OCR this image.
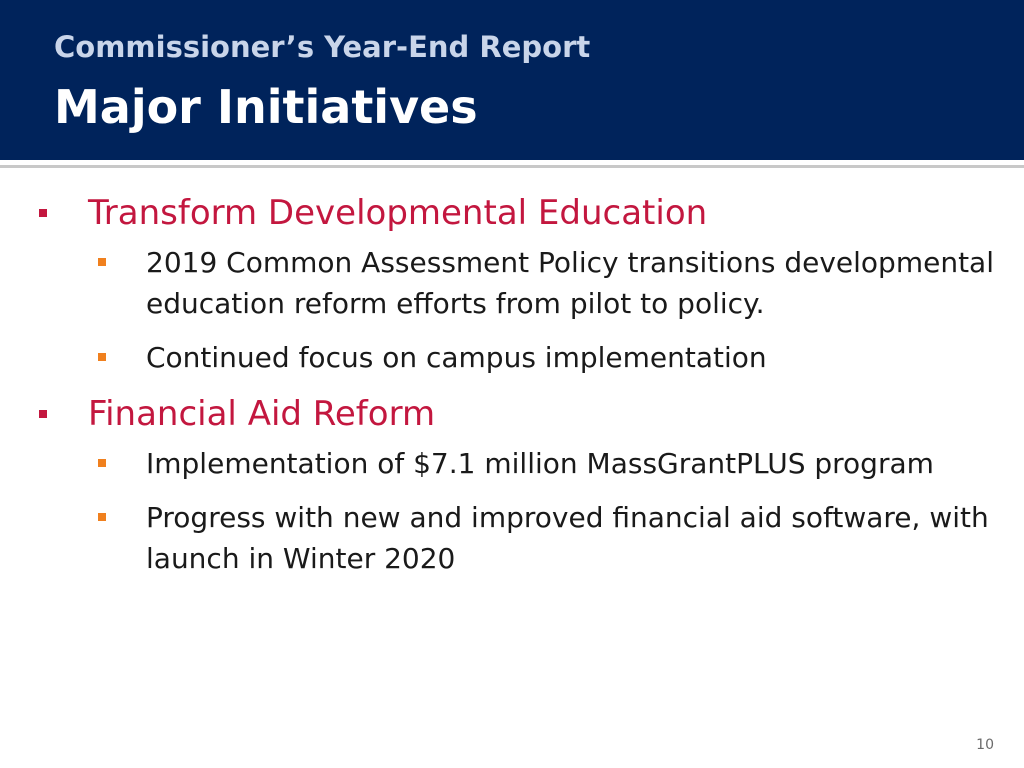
Commissioner’s Year-End Report
Major Initiatives
Transform Developmental Education
2019 Common Assessment Policy transitions developmental education reform efforts from pilot to policy.
Continued focus on campus implementation
Financial Aid Reform
Implementation of $7.1 million MassGrantPLUS program
Progress with new and improved financial aid software, with launch in Winter 2020
10
